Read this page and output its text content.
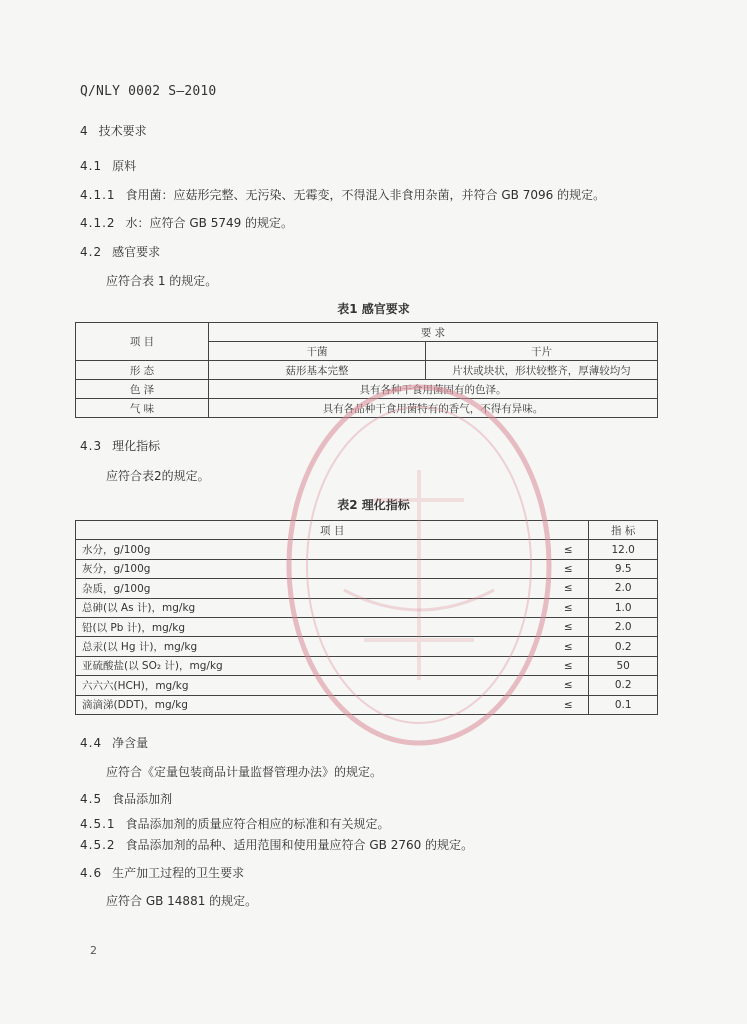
Q/NLY 0002 S—2010
4 技术要求
4.1 原料
4.1.1 食用菌：应菇形完整、无污染、无霉变，不得混入非食用杂菌，并符合 GB 7096 的规定。
4.1.2 水：应符合 GB 5749 的规定。
4.2 感官要求
应符合表 1 的规定。
表1 感官要求
项 目	要 求	
	干菌	干片
形 态	菇形基本完整	片状或块状，形状较整齐，厚薄较均匀
色 泽	具有各种干食用菌固有的色泽。	
气 味	具有各品种干食用菌特有的香气，不得有异味。	
4.3 理化指标
应符合表2的规定。
表2 理化指标
项 目		指 标
水分，g/100g	≤	12.0
灰分，g/100g	≤	9.5
杂质，g/100g	≤	2.0
总砷(以 As 计)，mg/kg	≤	1.0
铅(以 Pb 计)，mg/kg	≤	2.0
总汞(以 Hg 计)，mg/kg	≤	0.2
亚硫酸盐(以 SO₂ 计)，mg/kg	≤	50
六六六(HCH)，mg/kg	≤	0.2
滴滴涕(DDT)，mg/kg	≤	0.1
4.4 净含量
应符合《定量包装商品计量监督管理办法》的规定。
4.5 食品添加剂
4.5.1 食品添加剂的质量应符合相应的标准和有关规定。
4.5.2 食品添加剂的品种、适用范围和使用量应符合 GB 2760 的规定。
4.6 生产加工过程的卫生要求
应符合 GB 14881 的规定。
2
